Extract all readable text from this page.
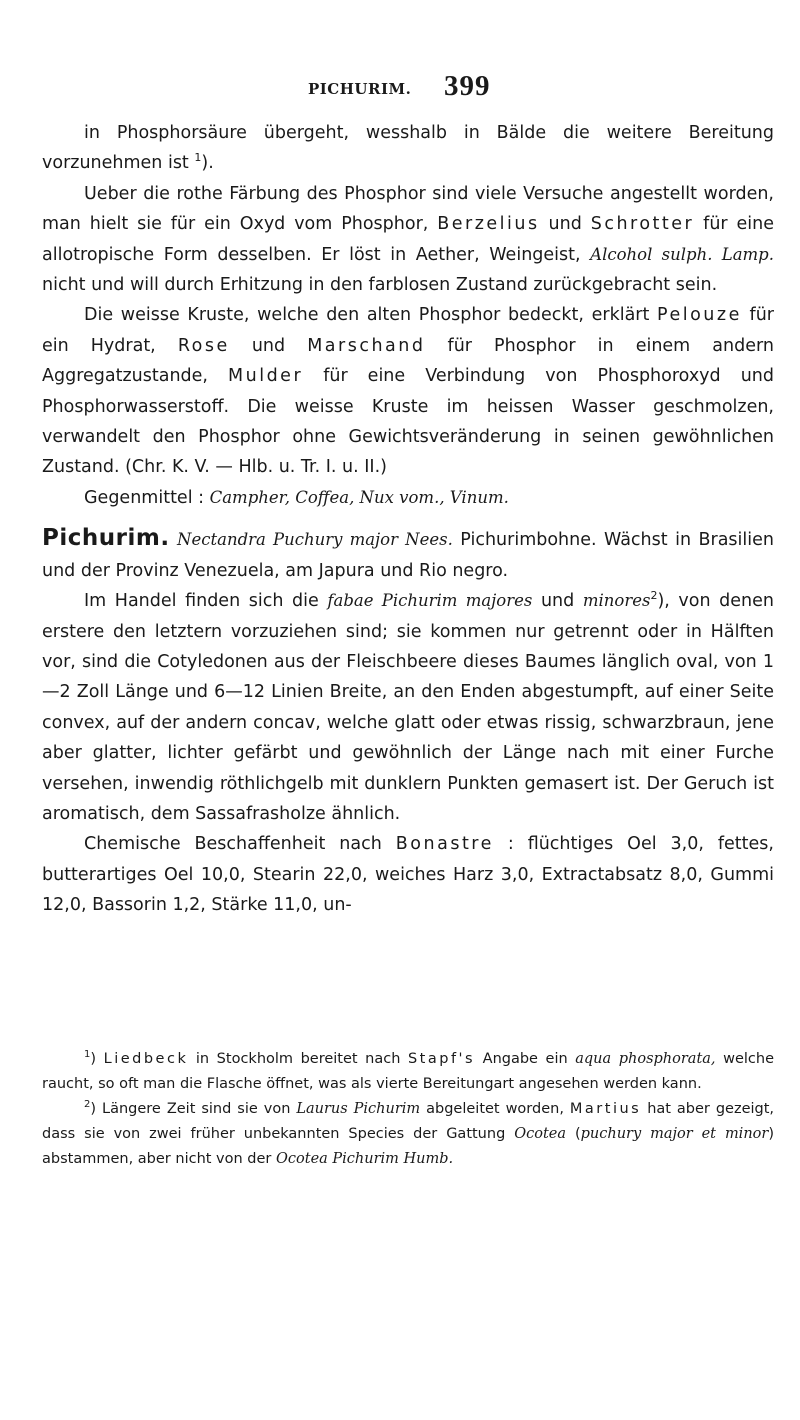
PICHURIM. 399

in Phosphorsäure übergeht, wesshalb in Bälde die weitere Bereitung vorzunehmen ist $^1$).

Ueber die rothe Färbung des Phosphor sind viele Versuche angestellt worden, man hielt sie für ein Oxyd vom Phosphor, Berzelius und Schrotter für eine allotropische Form desselben. Er löst in Aether, Weingeist, Alcohol sulph. Lamp. nicht und will durch Erhitzung in den farblosen Zustand zurückgebracht sein.

Die weisse Kruste, welche den alten Phosphor bedeckt, erklärt Pelouze für ein Hydrat, Rose und Marschand für Phosphor in einem andern Aggregatzustande, Mulder für eine Verbindung von Phosphoroxyd und Phosphorwasserstoff. Die weisse Kruste im heissen Wasser geschmolzen, verwandelt den Phosphor ohne Gewichtsveränderung in seinen gewöhnlichen Zustand. (Chr. K. V. — Hlb. u. Tr. I. u. II.)

Gegenmittel : Campher, Coffea, Nux vom., Vinum.

Pichurim. Nectandra Puchury major Nees. Pichurimbohne. Wächst in Brasilien und der Provinz Venezuela, am Japura und Rio negro.

Im Handel finden sich die fabae Pichurim majores und minores$^2$), von denen erstere den letztern vorzuziehen sind; sie kommen nur getrennt oder in Hälften vor, sind die Cotyledonen aus der Fleischbeere dieses Baumes länglich oval, von 1—2 Zoll Länge und 6—12 Linien Breite, an den Enden abgestumpft, auf einer Seite convex, auf der andern concav, welche glatt oder etwas rissig, schwarzbraun, jene aber glatter, lichter gefärbt und gewöhnlich der Länge nach mit einer Furche versehen, inwendig röthlichgelb mit dunklern Punkten gemasert ist. Der Geruch ist aromatisch, dem Sassafrasholze ähnlich.

Chemische Beschaffenheit nach Bonastre : flüchtiges Oel 3,0, fettes, butterartiges Oel 10,0, Stearin 22,0, weiches Harz 3,0, Extractabsatz 8,0, Gummi 12,0, Bassorin 1,2, Stärke 11,0, un-

$^1$) Liedbeck in Stockholm bereitet nach Stapf's Angabe ein aqua phosphorata, welche raucht, so oft man die Flasche öffnet, was als vierte Bereitungart angesehen werden kann.

$^2$) Längere Zeit sind sie von Laurus Pichurim abgeleitet worden, Martius hat aber gezeigt, dass sie von zwei früher unbekannten Species der Gattung Ocotea (puchury major et minor) abstammen, aber nicht von der Ocotea Pichurim Humb.
